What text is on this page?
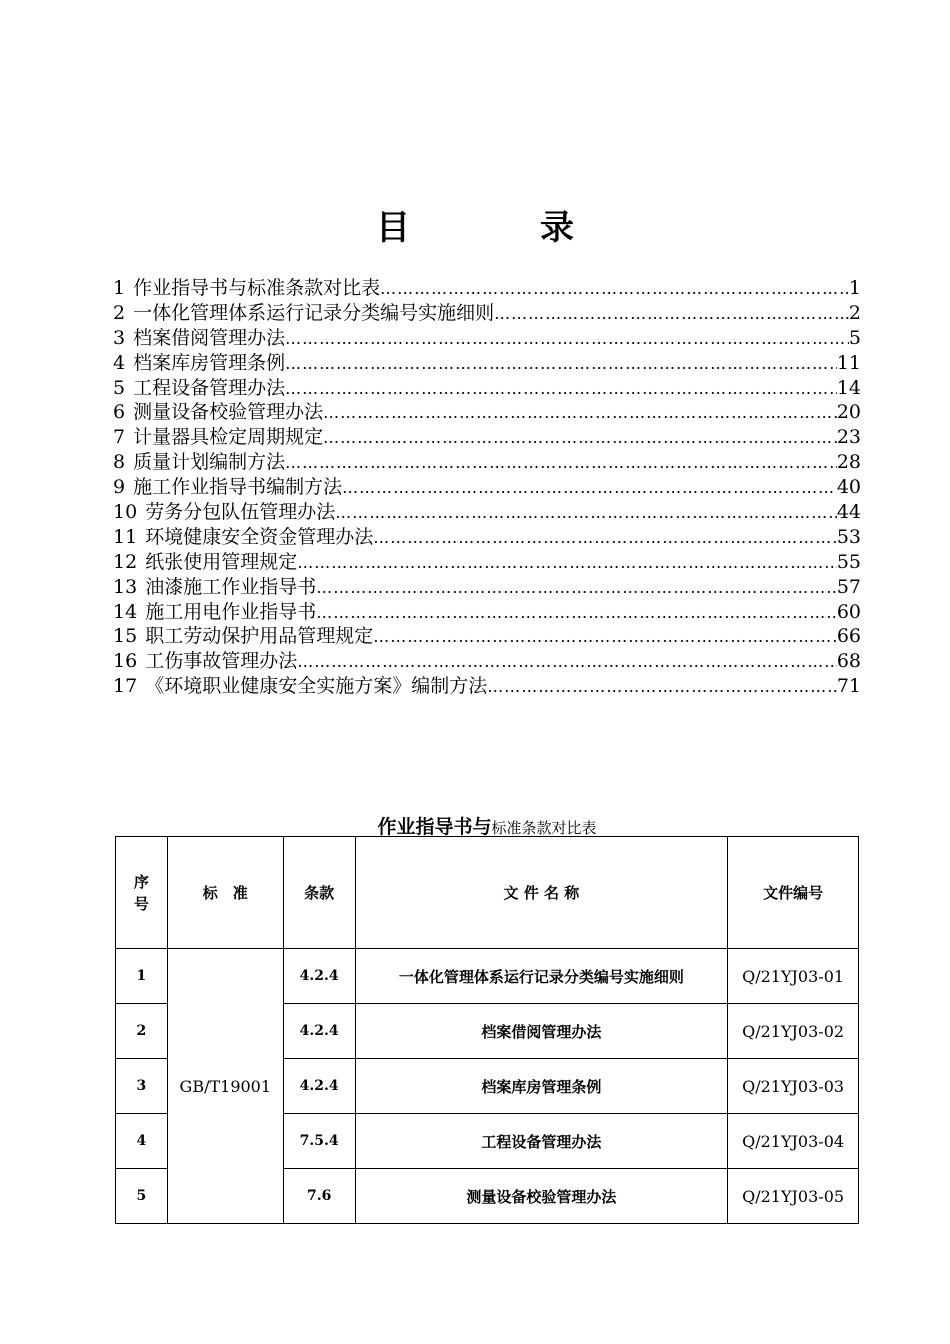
目　录
1 作业指导书与标准条款对比表 …………………………………………………………………………………………………………………………………………	1
2 一体化管理体系运行记录分类编号实施细则 …………………………………………………………………………………………………………………………………………	2
3 档案借阅管理办法 …………………………………………………………………………………………………………………………………………	5
4 档案库房管理条例 …………………………………………………………………………………………………………………………………………	11
5 工程设备管理办法 …………………………………………………………………………………………………………………………………………	14
6 测量设备校验管理办法 …………………………………………………………………………………………………………………………………………	20
7 计量器具检定周期规定 …………………………………………………………………………………………………………………………………………	23
8 质量计划编制方法 …………………………………………………………………………………………………………………………………………	28
9 施工作业指导书编制方法 …………………………………………………………………………………………………………………………………………	40
10 劳务分包队伍管理办法 …………………………………………………………………………………………………………………………………………	44
11 环境健康安全资金管理办法 …………………………………………………………………………………………………………………………………………	53
12 纸张使用管理规定 …………………………………………………………………………………………………………………………………………	55
13 油漆施工作业指导书 …………………………………………………………………………………………………………………………………………	57
14 施工用电作业指导书 …………………………………………………………………………………………………………………………………………	60
15 职工劳动保护用品管理规定 …………………………………………………………………………………………………………………………………………	66
16 工伤事故管理办法 …………………………………………………………………………………………………………………………………………	68
17 《环境职业健康安全实施方案》编制方法 …………………………………………………………………………………………………………………………………………	71
作业指导书与标准条款对比表
序
号	标　准	条款	文 件 名 称	文件编号
1	GB/T19001	4.2.4	一体化管理体系运行记录分类编号实施细则	Q/21YJ03-01
2		4.2.4	档案借阅管理办法	Q/21YJ03-02
3		4.2.4	档案库房管理条例	Q/21YJ03-03
4		7.5.4	工程设备管理办法	Q/21YJ03-04
5		7.6	测量设备校验管理办法	Q/21YJ03-05
